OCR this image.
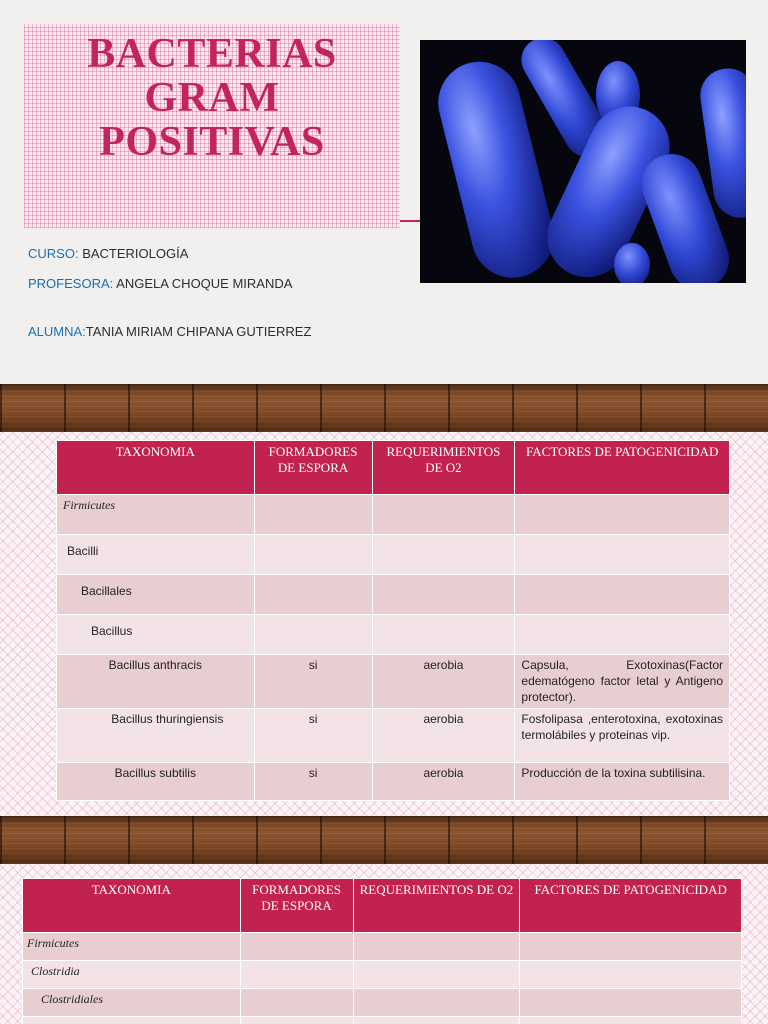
BACTERIAS
GRAM
POSITIVAS
CURSO: BACTERIOLOGÍA
PROFESORA: ANGELA CHOQUE MIRANDA
ALUMNA:TANIA MIRIAM CHIPANA GUTIERREZ
TAXONOMIA	FORMADORES DE ESPORA	REQUERIMIENTOS DE O2	FACTORES DE PATOGENICIDAD
Firmicutes			
Bacilli			
Bacillales			
Bacillus			
Bacillus anthracis	si	aerobia	Capsula, Exotoxinas(Factor edematógeno factor letal y Antigeno protector).
Bacillus thuringiensis	si	aerobia	Fosfolipasa ,enterotoxina, exotoxinas termolábiles y proteinas vip.
Bacillus subtilis	si	aerobia	Producción de la toxina subtilisina.
TAXONOMIA	FORMADORES DE ESPORA	REQUERIMIENTOS DE O2	FACTORES DE PATOGENICIDAD
Firmicutes			
Clostridia			
Clostridiales			
